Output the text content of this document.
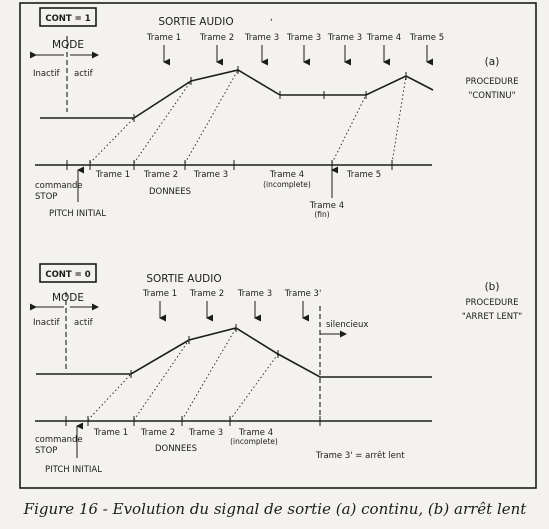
CONT = 1	SORTIE AUDIO
MODE
Inactif actif
Trame 1 Trame 2 Trame 3 Trame 3 Trame 3 Trame 4 Trame 5
,
Trame 1 Trame 2 Trame 3	Trame 4	Trame 5
(incomplete)
DONNEES
commande
STOP
PITCH INITIAL
Trame 4
(fin)
(a)
PROCEDURE
"CONTINU"
CONT = 0	SORTIE AUDIO
MODE
Inactif actif
Trame 1 Trame 2 Trame 3 Trame 3'
silencieux
Trame 1 Trame 2 Trame 3 Trame 4
(incomplete)
DONNEES
commande
STOP
PITCH INITIAL
Trame 3' = arrêt lent
(b)
PROCEDURE
"ARRET LENT"
Figure 16 - Evolution du signal de sortie (a) continu, (b) arrêt lent
